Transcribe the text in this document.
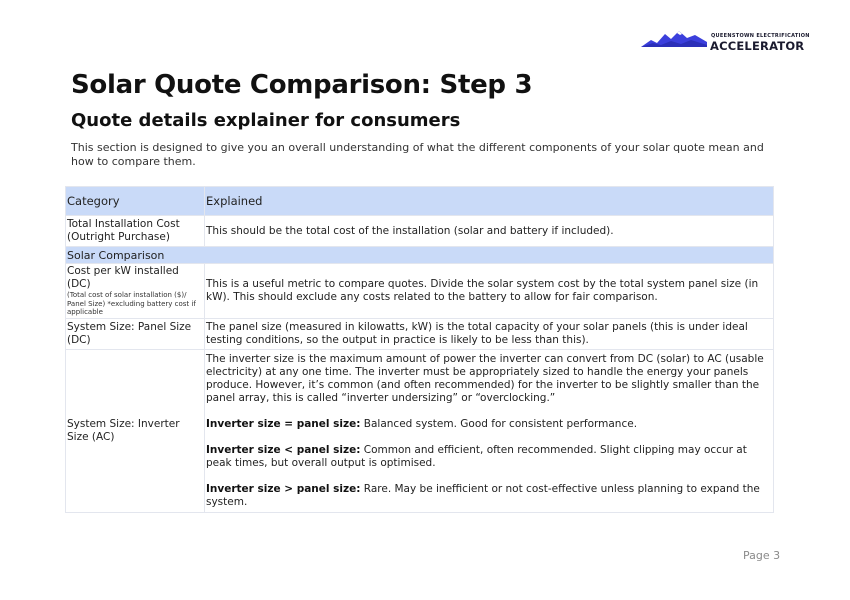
QUEENSTOWN ELECTRIFICATION
ACCELERATOR
Solar Quote Comparison: Step 3
Quote details explainer for consumers

This section is designed to give you an overall understanding of what the different components of your solar quote mean and how to compare them.

Category	Explained
Total Installation Cost (Outright Purchase)	This should be the total cost of the installation (solar and battery if included).
Solar Comparison	

Cost per kW installed (DC)
(Total cost of solar installation ($)/ Panel Size) *excluding battery cost if applicable	This is a useful metric to compare quotes. Divide the solar system cost by the total system panel size (in kW). This should exclude any costs related to the battery to allow for fair comparison.
System Size: Panel Size (DC)	The panel size (measured in kilowatts, kW) is the total capacity of your solar panels (this is under ideal testing conditions, so the output in practice is likely to be less than this).
System Size: Inverter Size (AC)	The inverter size is the maximum amount of power the inverter can convert from DC (solar) to AC (usable electricity) at any one time. The inverter must be appropriately sized to handle the energy your panels produce. However, it’s common (and often recommended) for the inverter to be slightly smaller than the panel array, this is called “inverter undersizing” or “overclocking.”
Inverter size = panel size: Balanced system. Good for consistent performance.
Inverter size < panel size: Common and efficient, often recommended. Slight clipping may occur at peak times, but overall output is optimised.
Inverter size > panel size: Rare. May be inefficient or not cost-effective unless planning to expand the system.
Page 3
